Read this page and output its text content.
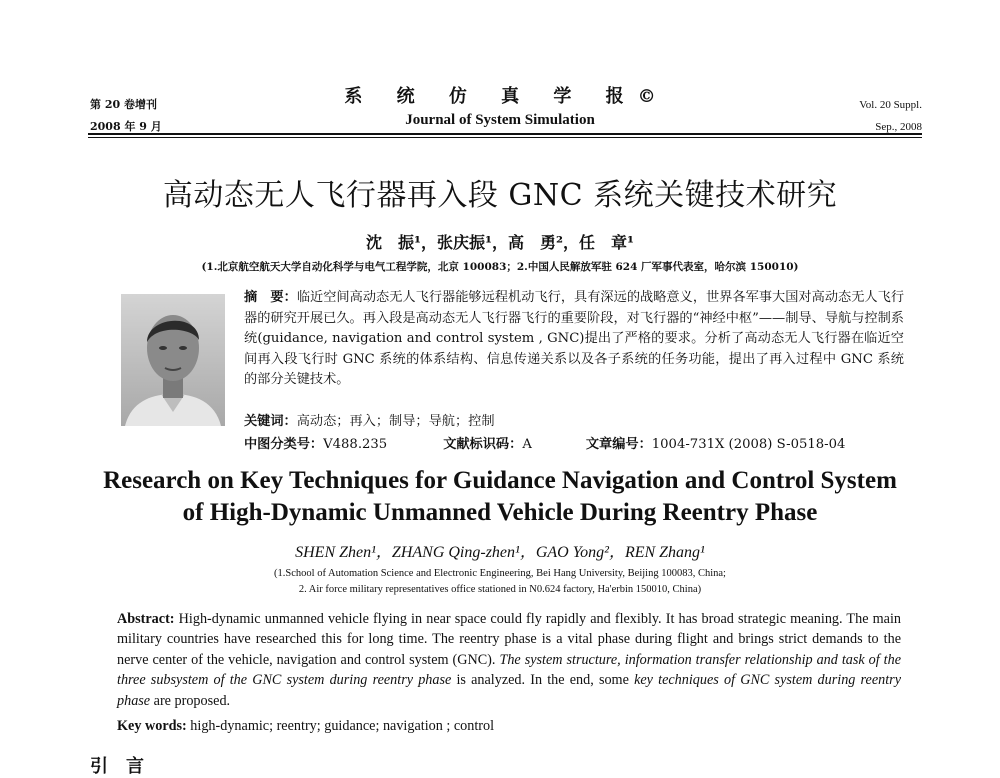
第 20 卷增刊
2008 年 9 月
系 统 仿 真 学 报©
Journal of System Simulation
Vol. 20 Suppl.
Sep., 2008
高动态无人飞行器再入段 GNC 系统关键技术研究
沈　振¹，张庆振¹，高　勇²，任　章¹
(1.北京航空航天大学自动化科学与电气工程学院，北京 100083；2.中国人民解放军驻 624 厂军事代表室，哈尔滨 150010)
摘　要：临近空间高动态无人飞行器能够远程机动飞行，具有深远的战略意义，世界各军事大国对高动态无人飞行器的研究开展已久。再入段是高动态无人飞行器飞行的重要阶段，对飞行器的“神经中枢”——制导、导航与控制系统(guidance, navigation and control system , GNC)提出了严格的要求。分析了高动态无人飞行器在临近空间再入段飞行时 GNC 系统的体系结构、信息传递关系以及各子系统的任务功能，提出了再入过程中 GNC 系统的部分关键技术。
关键词：高动态；再入；制导；导航；控制
中图分类号：V488.235	文献标识码：A	文章编号：1004-731X (2008) S-0518-04
Research on Key Techniques for Guidance Navigation and Control System
of High-Dynamic Unmanned Vehicle During Reentry Phase
SHEN Zhen¹，ZHANG Qing-zhen¹，GAO Yong²，REN Zhang¹
(1.School of Automation Science and Electronic Engineering, Bei Hang University, Beijing 100083, China;
2. Air force military representatives office stationed in N0.624 factory, Ha'erbin 150010, China)
Abstract: High-dynamic unmanned vehicle flying in near space could fly rapidly and flexibly. It has broad strategic meaning. The main military countries have researched this for long time. The reentry phase is a vital phase during flight and brings strict demands to the nerve center of the vehicle, navigation and control system (GNC). The system structure, information transfer relationship and task of the three subsystem of the GNC system during reentry phase is analyzed. In the end, some key techniques of GNC system during reentry phase are proposed.
Key words: high-dynamic; reentry; guidance; navigation ; control
引　言
